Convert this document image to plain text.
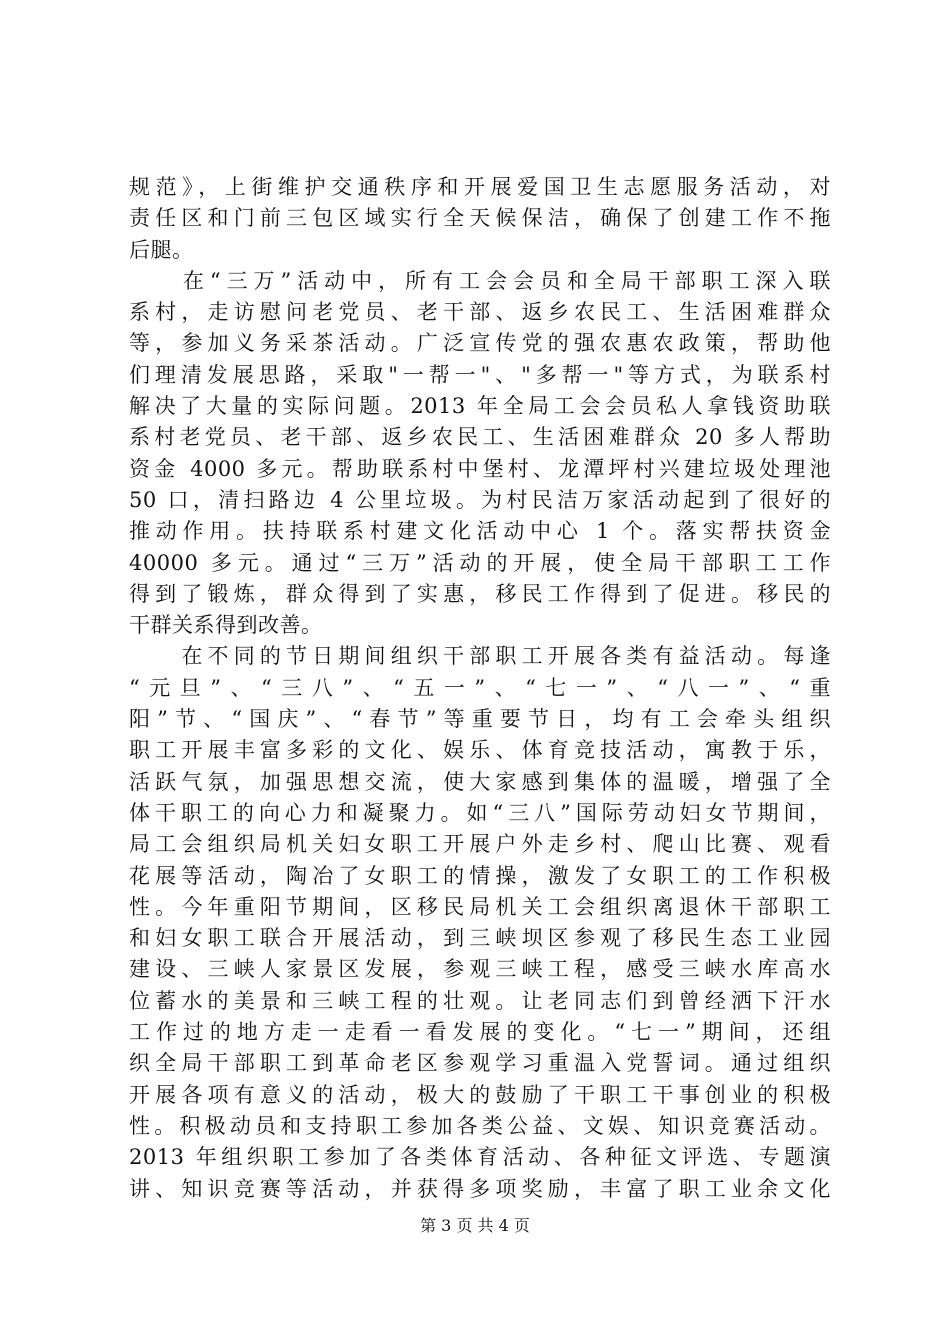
规范》，上街维护交通秩序和开展爱国卫生志愿服务活动，对
责任区和门前三包区域实行全天候保洁，确保了创建工作不拖
后腿。
　　在“三万”活动中，所有工会会员和全局干部职工深入联
系村，走访慰问老党员、老干部、返乡农民工、生活困难群众
等，参加义务采茶活动。广泛宣传党的强农惠农政策，帮助他
们理清发展思路，采取"一帮一"、"多帮一"等方式，为联系村
解决了大量的实际问题。2013 年全局工会会员私人拿钱资助联
系村老党员、老干部、返乡农民工、生活困难群众 20 多人帮助
资金 4000 多元。帮助联系村中堡村、龙潭坪村兴建垃圾处理池
50 口，清扫路边 4 公里垃圾。为村民洁万家活动起到了很好的
推动作用。扶持联系村建文化活动中心 1 个。落实帮扶资金
40000 多元。通过“三万”活动的开展，使全局干部职工工作
得到了锻炼，群众得到了实惠，移民工作得到了促进。移民的
干群关系得到改善。
　　在不同的节日期间组织干部职工开展各类有益活动。每逢
“元旦”、“三八”、“五一”、“七一”、“八一”、“重
阳”节、“国庆”、“春节”等重要节日，均有工会牵头组织
职工开展丰富多彩的文化、娱乐、体育竞技活动，寓教于乐，
活跃气氛，加强思想交流，使大家感到集体的温暖，增强了全
体干职工的向心力和凝聚力。如“三八”国际劳动妇女节期间，
局工会组织局机关妇女职工开展户外走乡村、爬山比赛、观看
花展等活动，陶冶了女职工的情操，激发了女职工的工作积极
性。今年重阳节期间，区移民局机关工会组织离退休干部职工
和妇女职工联合开展活动，到三峡坝区参观了移民生态工业园
建设、三峡人家景区发展，参观三峡工程，感受三峡水库高水
位蓄水的美景和三峡工程的壮观。让老同志们到曾经洒下汗水
工作过的地方走一走看一看发展的变化。“七一”期间，还组
织全局干部职工到革命老区参观学习重温入党誓词。通过组织
开展各项有意义的活动，极大的鼓励了干职工干事创业的积极
性。积极动员和支持职工参加各类公益、文娱、知识竞赛活动。
2013 年组织职工参加了各类体育活动、各种征文评选、专题演
讲、知识竞赛等活动，并获得多项奖励，丰富了职工业余文化
第 3 页 共 4 页
